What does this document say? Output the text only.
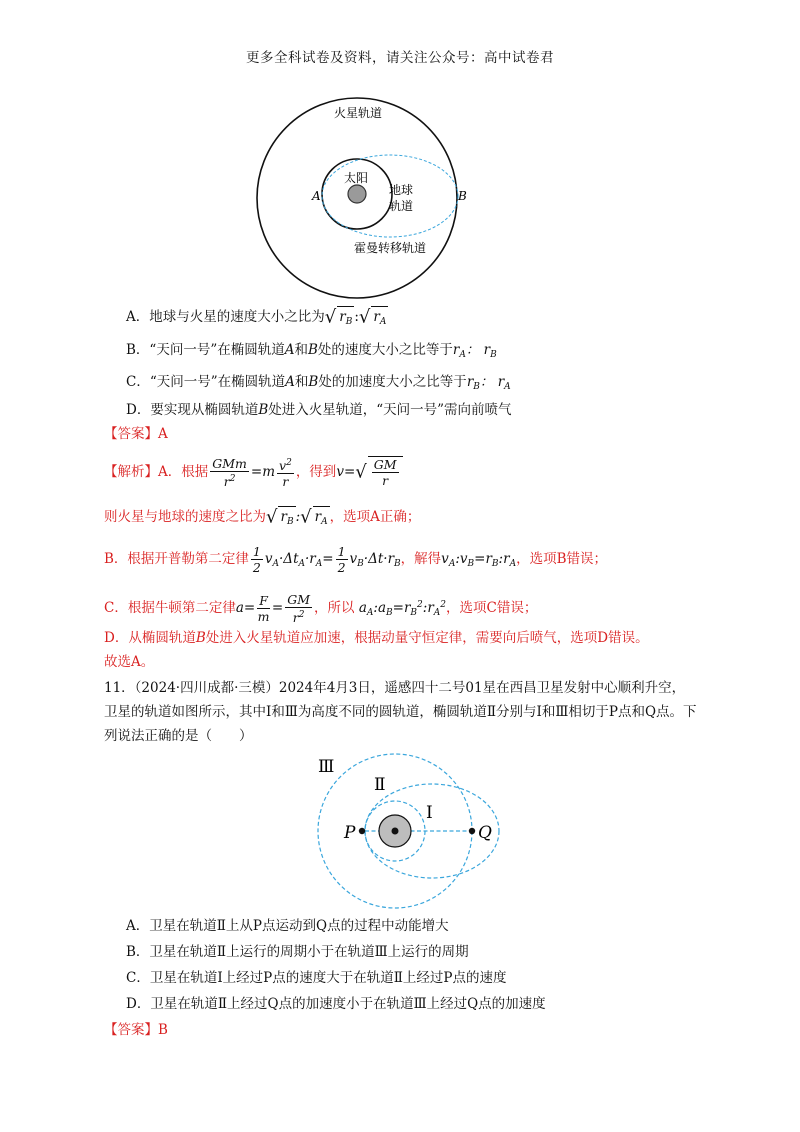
更多全科试卷及资料，请关注公众号：高中试卷君
火星轨道
太阳
地球
轨道
霍曼转移轨道
A	B
A．地球与火星的速度大小之比为√ $r_B$ :√ $r_A$
B．“天问一号”在椭圆轨道A和B处的速度大小之比等于$r_A$： $r_B$
C．“天问一号”在椭圆轨道A和B处的加速度大小之比等于$r_B$： $r_A$
D．要实现从椭圆轨道B处进入火星轨道，“天问一号”需向前喷气
【答案】A
【解析】A．根据 $\frac{\text{GMm}}{r^2} =m \frac{v^2}{r}$ ，得到$v=√ \frac{GM}{r}$
则火星与地球的速度之比为√ $r_B$ :√ $r_A$ ，选项A正确；
B．根据开普勒第二定律 $\frac{1}{2} v_A\cdot\Delta t_A\cdot r_A= \frac{1}{2} v_B\cdot\Delta t\cdot r_B$，解得$v_A:v_B=r_B:r_A$，选项B错误；
C．根据牛顿第二定律$a= \frac{F}{m} = \frac{GM}{r^2}$ ，所以 $a_A:a_B=r_B^2:r_A^2$，选项C错误；
D．从椭圆轨道B处进入火星轨道应加速，根据动量守恒定律，需要向后喷气，选项D错误。
故选A。
11．（2024·四川成都·三模）2024年4月3日，遥感四十二号01星在西昌卫星发射中心顺利升空，
卫星的轨道如图所示，其中Ⅰ和Ⅲ为高度不同的圆轨道，椭圆轨道Ⅱ分别与Ⅰ和Ⅲ相切于P点和Q点。下
列说法正确的是（　　）
Ⅲ
Ⅱ
Ⅰ
P	Q
A．卫星在轨道Ⅱ上从P点运动到Q点的过程中动能增大
B．卫星在轨道Ⅱ上运行的周期小于在轨道Ⅲ上运行的周期
C．卫星在轨道Ⅰ上经过P点的速度大于在轨道Ⅱ上经过P点的速度
D．卫星在轨道Ⅱ上经过Q点的加速度小于在轨道Ⅲ上经过Q点的加速度
【答案】B
